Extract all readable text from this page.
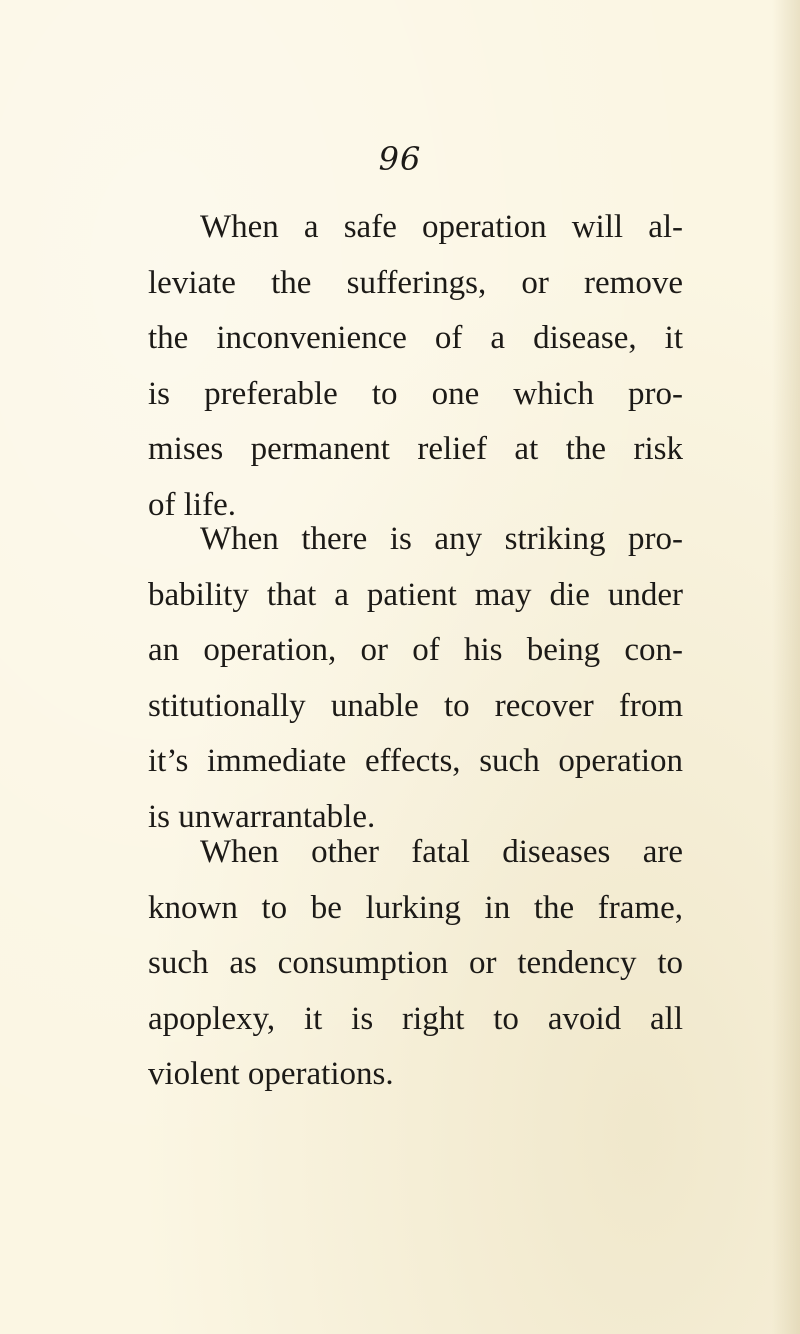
96
When a safe operation will al-
leviate the sufferings, or remove
the inconvenience of a disease, it
is preferable to one which pro-
mises permanent relief at the risk
of life.
When there is any striking pro-
bability that a patient may die under
an operation, or of his being con-
stitutionally unable to recover from
it’s immediate effects, such operation
is unwarrantable.
When other fatal diseases are
known to be lurking in the frame,
such as consumption or tendency to
apoplexy, it is right to avoid all
violent operations.
